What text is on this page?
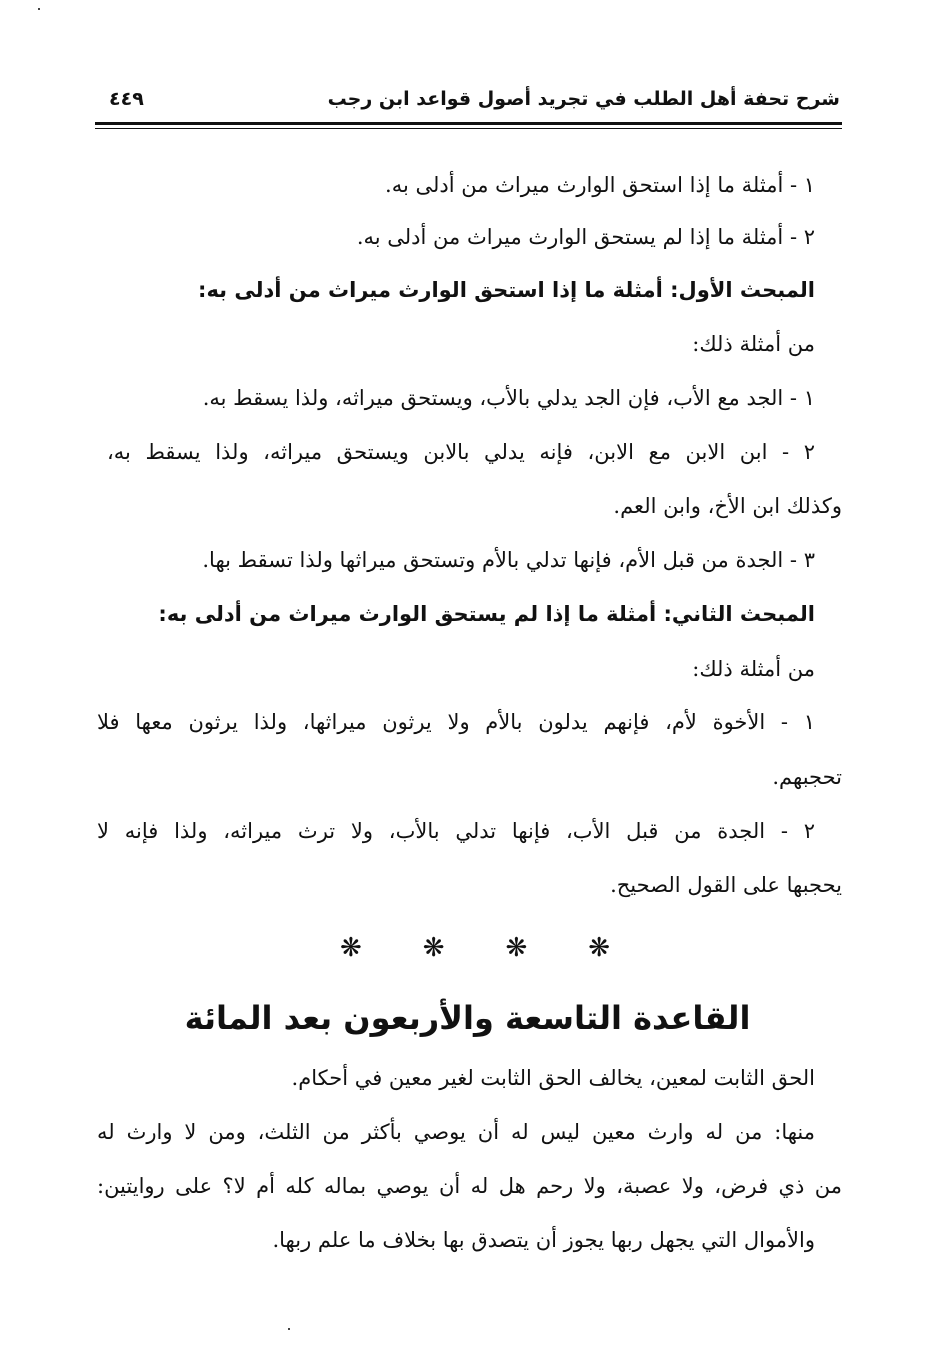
شرح تحفة أهل الطلب في تجريد أصول قواعد ابن رجب
٤٤٩
١ - أمثلة ما إذا استحق الوارث ميراث من أدلى به.
٢ - أمثلة ما إذا لم يستحق الوارث ميراث من أدلى به.
المبحث الأول: أمثلة ما إذا استحق الوارث ميراث من أدلى به:
من أمثلة ذلك:
١ - الجد مع الأب، فإن الجد يدلي بالأب، ويستحق ميراثه، ولذا يسقط به.
٢ - ابن الابن مع الابن، فإنه يدلي بالابن ويستحق ميراثه، ولذا يسقط به،
وكذلك ابن الأخ، وابن العم.
٣ - الجدة من قبل الأم، فإنها تدلي بالأم وتستحق ميراثها ولذا تسقط بها.
المبحث الثاني: أمثلة ما إذا لم يستحق الوارث ميراث من أدلى به:
من أمثلة ذلك:
١ - الأخوة لأم، فإنهم يدلون بالأم ولا يرثون ميراثها، ولذا يرثون معها فلا
تحجبهم.
٢ - الجدة من قبل الأب، فإنها تدلي بالأب، ولا ترث ميراثه، ولذا فإنه لا
يحجبها على القول الصحيح.
❋ ❋ ❋ ❋
القاعدة التاسعة والأربعون بعد المائة
الحق الثابت لمعين، يخالف الحق الثابت لغير معين في أحكام.
منها: من له وارث معين ليس له أن يوصي بأكثر من الثلث، ومن لا وارث له
من ذي فرض، ولا عصبة، ولا رحم هل له أن يوصي بماله كله أم لا؟ على روايتين:
والأموال التي يجهل ربها يجوز أن يتصدق بها بخلاف ما علم ربها.
